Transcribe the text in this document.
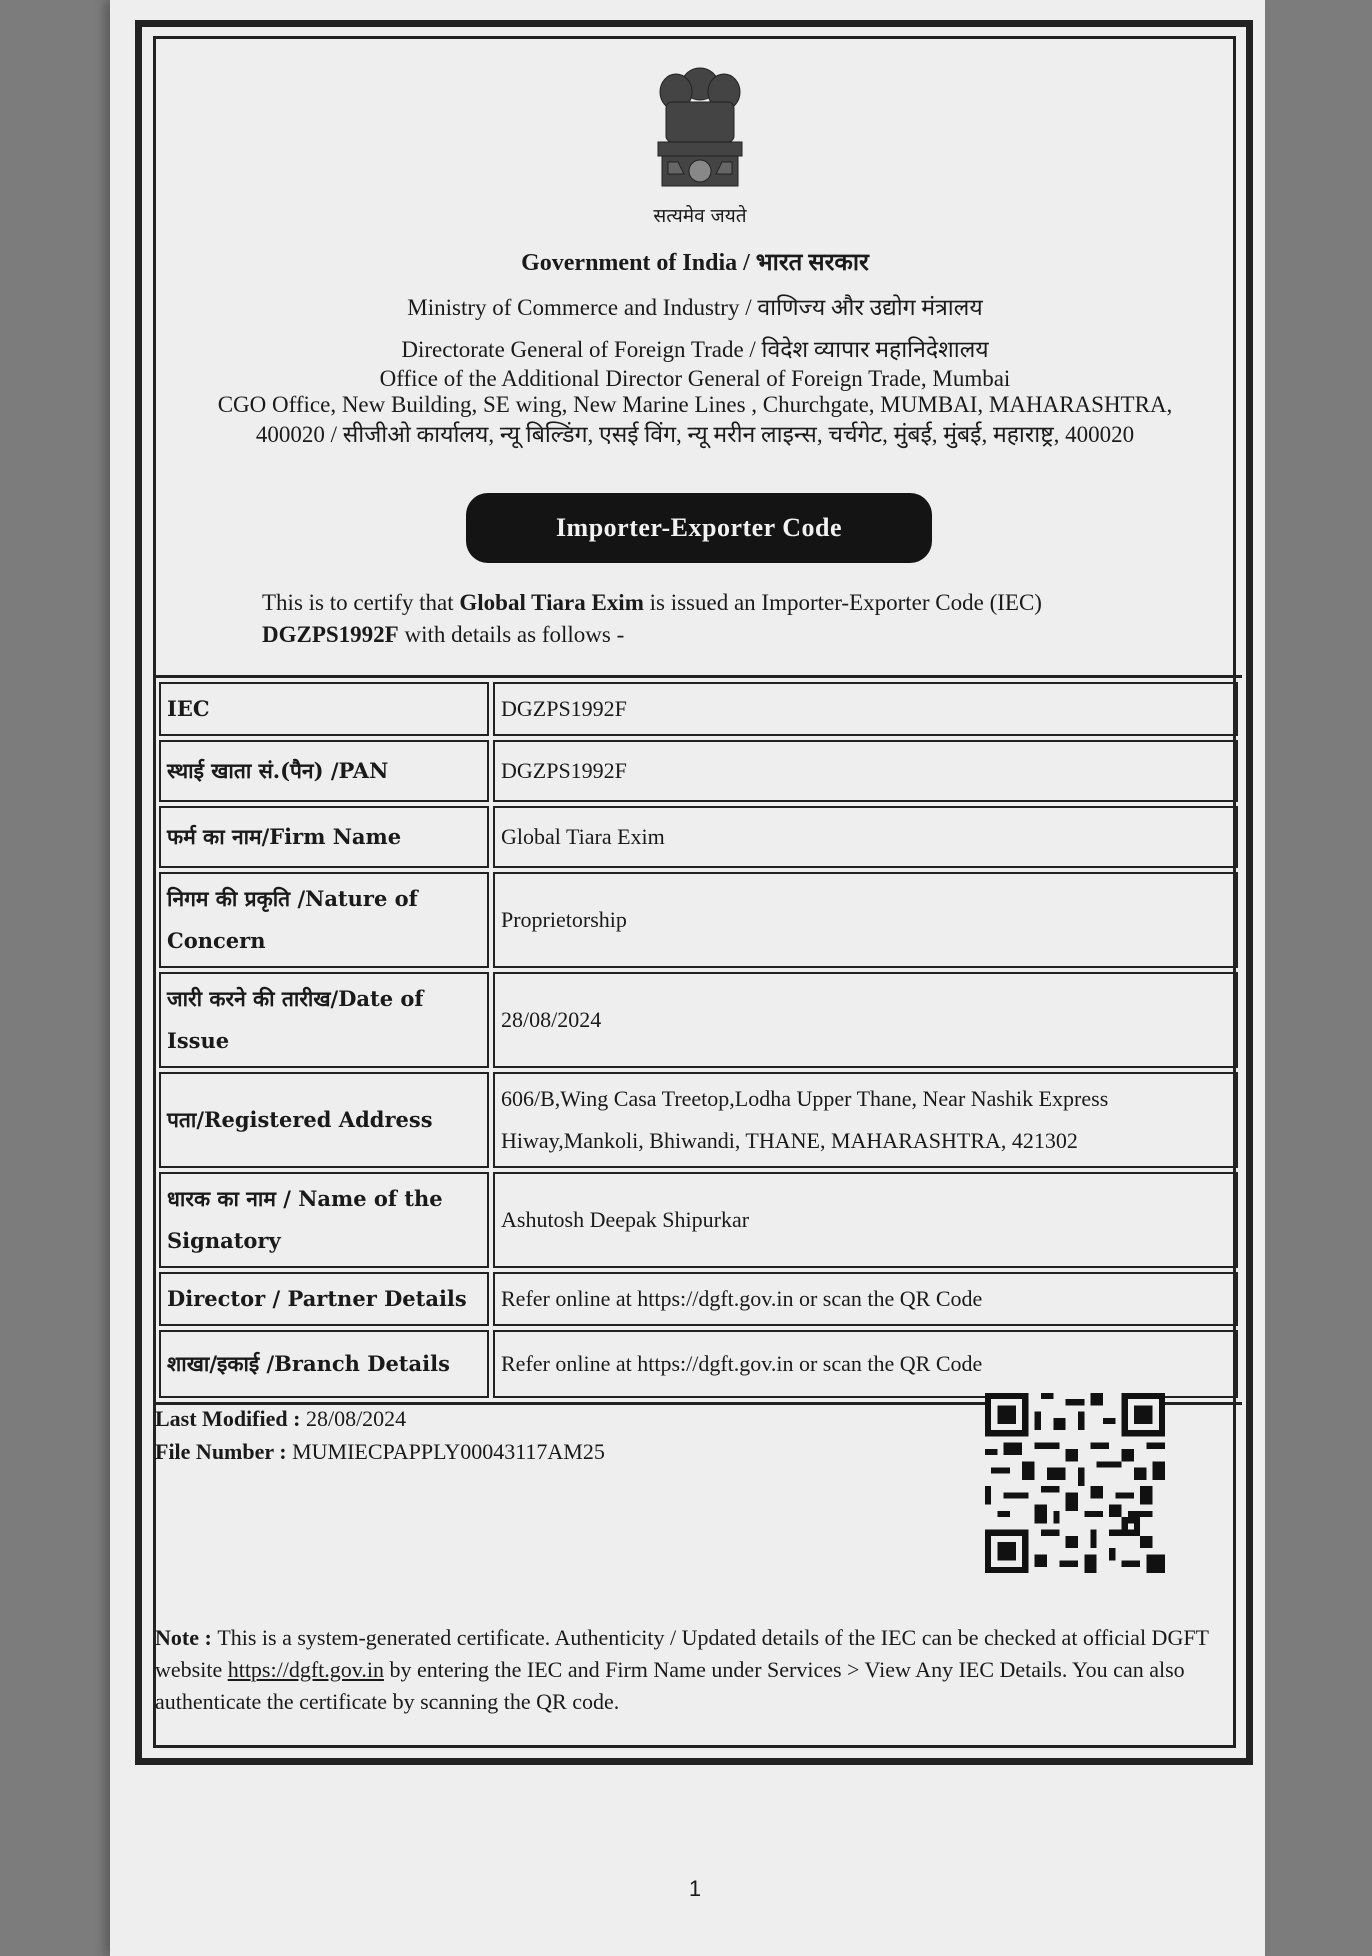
सत्यमेव जयते
Government of India / भारत सरकार
Ministry of Commerce and Industry / वाणिज्य और उद्योग मंत्रालय
Directorate General of Foreign Trade / विदेश व्यापार महानिदेशालय
Office of the Additional Director General of Foreign Trade, Mumbai
CGO Office, New Building, SE wing, New Marine Lines , Churchgate, MUMBAI, MAHARASHTRA,
400020 / सीजीओ कार्यालय, न्यू बिल्डिंग, एसई विंग, न्यू मरीन लाइन्स, चर्चगेट, मुंबई, मुंबई, महाराष्ट्र, 400020
Importer-Exporter Code
This is to certify that Global Tiara Exim is issued an Importer-Exporter Code (IEC)
DGZPS1992F with details as follows -
IEC	DGZPS1992F
स्थाई खाता सं.(पैन) /PAN	DGZPS1992F
फर्म का नाम/Firm Name	Global Tiara Exim
निगम की प्रकृति /Nature of Concern	Proprietorship
जारी करने की तारीख/Date of Issue	28/08/2024
पता/Registered Address	606/B,Wing Casa Treetop,Lodha Upper Thane, Near Nashik Express Hiway,Mankoli, Bhiwandi, THANE, MAHARASHTRA, 421302
धारक का नाम / Name of the Signatory	Ashutosh Deepak Shipurkar
Director / Partner Details	Refer online at https://dgft.gov.in or scan the QR Code
शाखा/इकाई /Branch Details	Refer online at https://dgft.gov.in or scan the QR Code
Last Modified : 28/08/2024
File Number : MUMIECPAPPLY00043117AM25
Note : This is a system-generated certificate. Authenticity / Updated details of the IEC can be checked at official DGFT website https://dgft.gov.in by entering the IEC and Firm Name under Services > View Any IEC Details. You can also authenticate the certificate by scanning the QR code.
1
